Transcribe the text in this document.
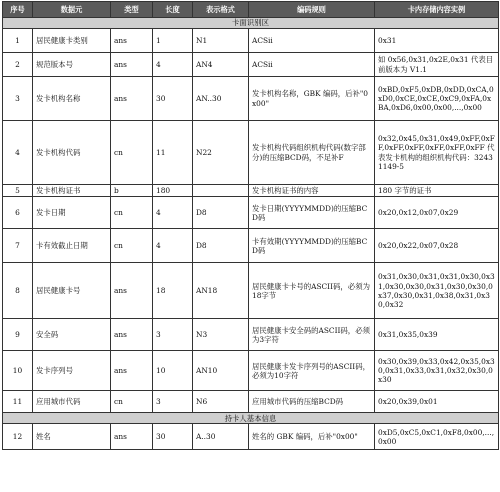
序号	数据元	类型	长度	表示格式	编码规则	卡内存储内容实例
卡面识别区						
1	居民健康卡类别	ans	1	N1	ACSii	0x31
2	规范版本号	ans	4	AN4	ACSii	如 0x56,0x31,0x2E,0x31 代表目前版本为 V1.1
3	发卡机构名称	ans	30	AN..30	发卡机构名称，GBK 编码，后补"0x00"	0xBD,0xF5,0xDB,0xDD,0xCA,0xD0,0xCE,0xCE,0xC9,0xFA,0xBA,0xD6,0x00,0x00,...,0x00
4	发卡机构代码	cn	11	N22	发卡机构代码组织机构代码(数字部分)的压缩BCD码，不足补F	0x32,0x45,0x31,0x49,0xFF,0xFF,0xFF,0xFF,0xFF,0xFF,0xFF 代表发卡机构的组织机构代码：32431149-5
5	发卡机构证书	b	180		发卡机构证书的内容	180 字节的证书
6	发卡日期	cn	4	D8	发卡日期(YYYYMMDD)的压缩BCD码	0x20,0x12,0x07,0x29
7	卡有效截止日期	cn	4	D8	卡有效期(YYYYMMDD)的压缩BCD码	0x20,0x22,0x07,0x28
8	居民健康卡号	ans	18	AN18	居民健康卡卡号的ASCII码，必须为18字节	0x31,0x30,0x31,0x31,0x30,0x31,0x30,0x30,0x31,0x30,0x30,0x37,0x30,0x31,0x38,0x31,0x30,0x32
9	安全码	ans	3	N3	居民健康卡安全码的ASCII码，必须为3字符	0x31,0x35,0x39
10	发卡序列号	ans	10	AN10	居民健康卡发卡序列号的ASCII码，必须为10字符	0x30,0x39,0x33,0x42,0x35,0x30,0x31,0x33,0x31,0x32,0x30,0x30
11	应用城市代码	cn	3	N6	应用城市代码的压缩BCD码	0x20,0x39,0x01
持卡人基本信息						
12	姓名	ans	30	A..30	姓名的 GBK 编码，后补"0x00"	0xD5,0xC5,0xC1,0xF8,0x00,...,0x00
